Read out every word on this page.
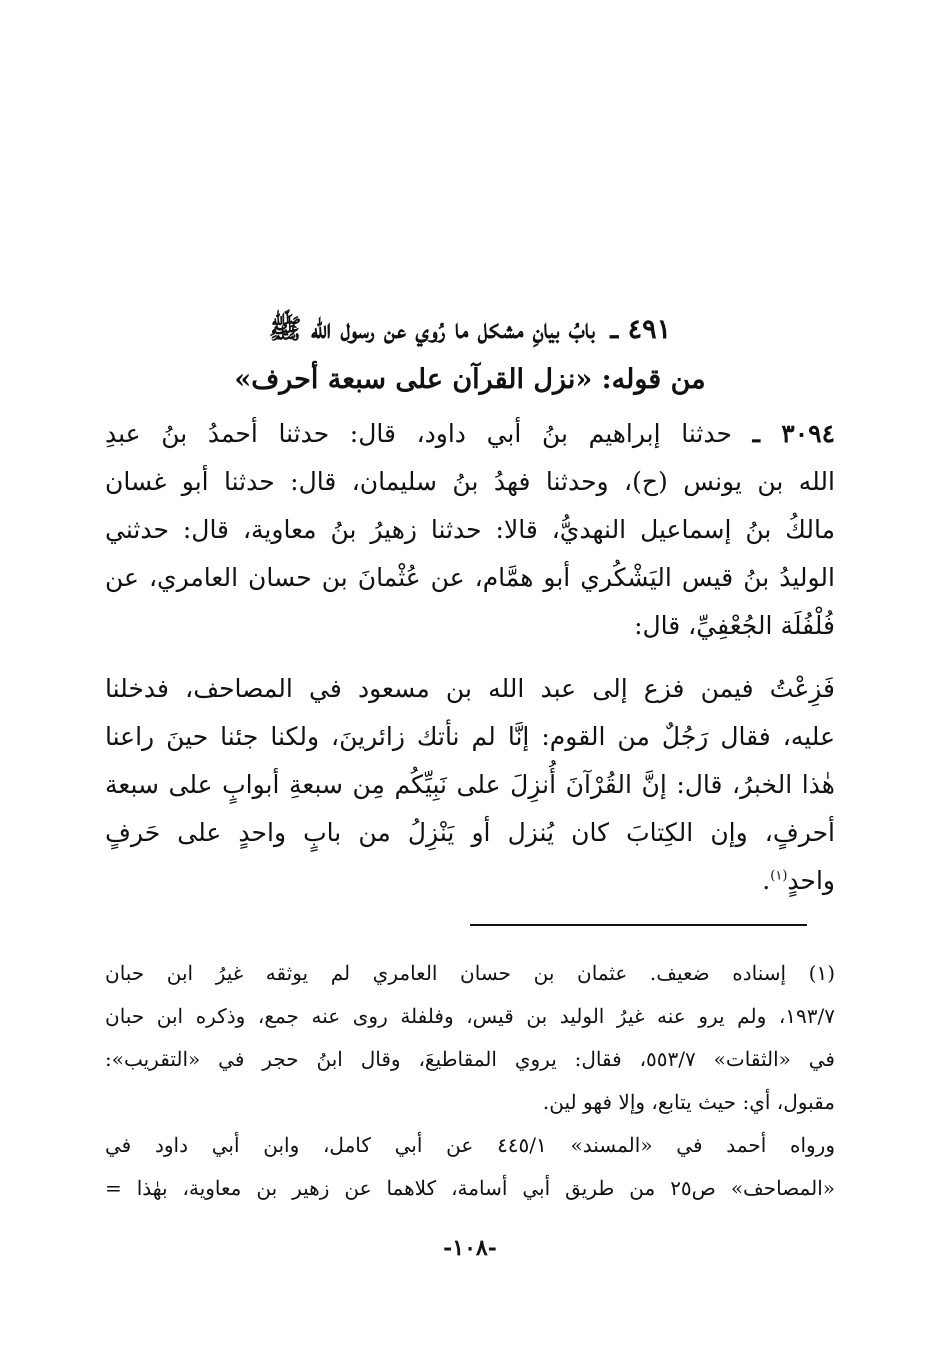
٤٩١ ـ بابُ بيانِ مشكل ما رُوي عن رسول الله ﷺ
من قوله: «نزل القرآن على سبعة أحرف»
٣٠٩٤ ـ حدثنا إبراهيم بنُ أبي داود، قال: حدثنا أحمدُ بنُ عبدِ
الله بن يونس (ح)، وحدثنا فهدُ بنُ سليمان، قال: حدثنا أبو غسان
مالكُ بنُ إسماعيل النهديُّ، قالا: حدثنا زهيرُ بنُ معاوية، قال: حدثني
الوليدُ بنُ قيس اليَشْكُري أبو همَّام، عن عُثْمانَ بن حسان العامري، عن
فُلْفُلَة الجُعْفِيِّ، قال:
فَزِعْتُ فيمن فزع إلى عبد الله بن مسعود في المصاحف، فدخلنا
عليه، فقال رَجُلٌ من القوم: إنَّا لم نأتك زائرينَ، ولكنا جئنا حينَ راعنا
هٰذا الخبرُ، قال: إنَّ القُرْآنَ أُنزِلَ على نَبِيِّكُم مِن سبعةِ أبوابٍ على سبعة
أحرفٍ، وإن الكِتابَ كان يُنزل أو يَنْزِلُ من بابٍ واحدٍ على حَرفٍ
واحدٍ$^{(١)}$.
(١) إسناده ضعيف. عثمان بن حسان العامري لم يوثقه غيرُ ابن حبان
١٩٣/٧، ولم يرو عنه غيرُ الوليد بن قيس، وفلفلة روى عنه جمع، وذكره ابن حبان
في «الثقات» ٥٥٣/٧، فقال: يروي المقاطيعَ، وقال ابنُ حجر في «التقريب»:
مقبول، أي: حيث يتابع، وإلا فهو لين.
ورواه أحمد في «المسند» ٤٤٥/١ عن أبي كامل، وابن أبي داود في
«المصاحف» ص٢٥ من طريق أبي أسامة، كلاهما عن زهير بن معاوية، بهٰذا =
-١٠٨-
